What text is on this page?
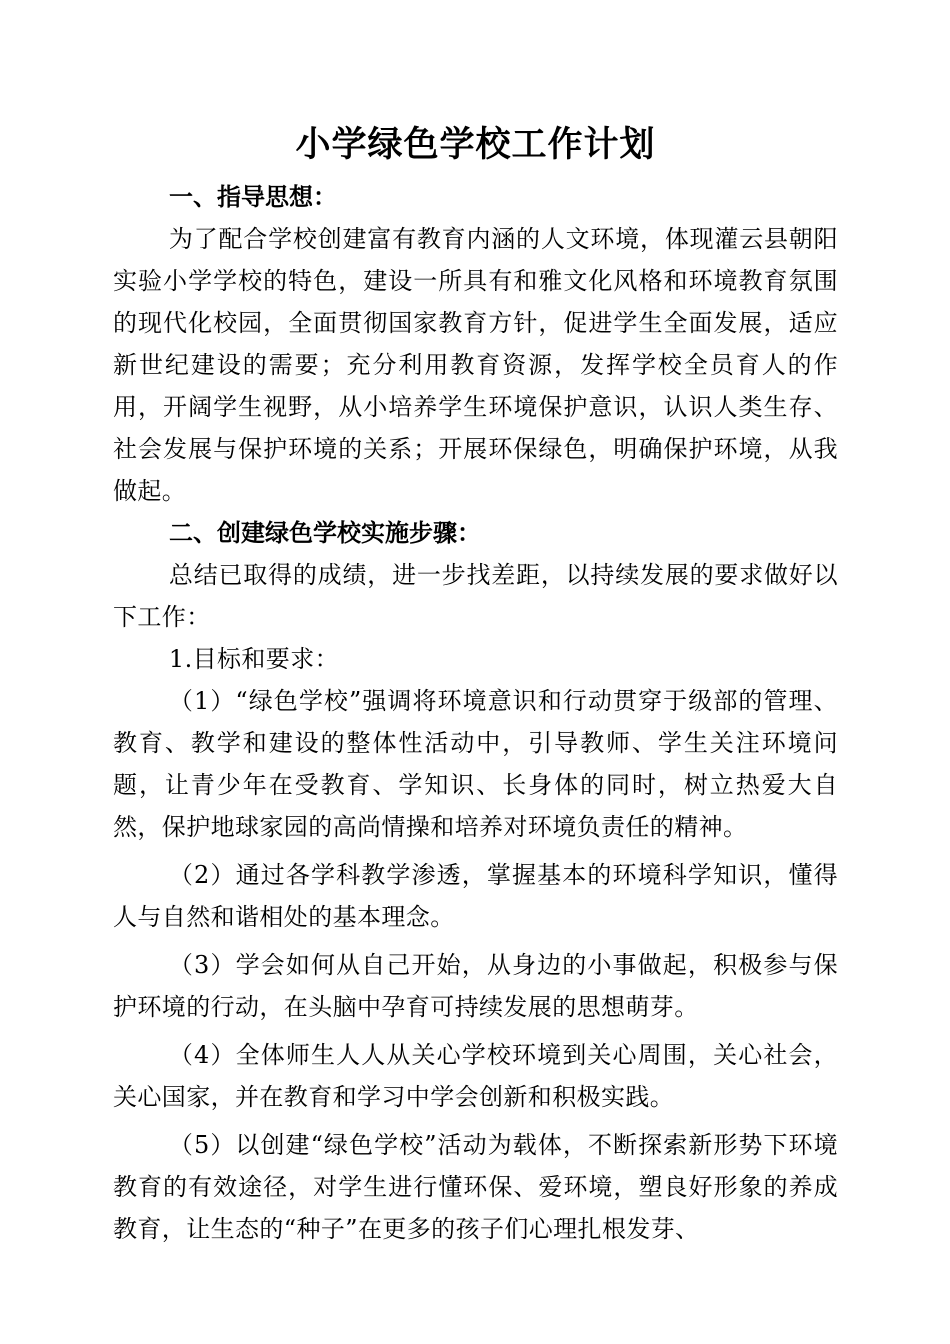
小学绿色学校工作计划
一、指导思想：

为了配合学校创建富有教育内涵的人文环境，体现灌云县朝阳实验小学学校的特色，建设一所具有和雅文化风格和环境教育氛围的现代化校园，全面贯彻国家教育方针，促进学生全面发展，适应新世纪建设的需要；充分利用教育资源，发挥学校全员育人的作用，开阔学生视野，从小培养学生环境保护意识，认识人类生存、社会发展与保护环境的关系；开展环保绿色，明确保护环境，从我做起。

二、创建绿色学校实施步骤：

总结已取得的成绩，进一步找差距，以持续发展的要求做好以下工作：

1.目标和要求：

（1）“绿色学校”强调将环境意识和行动贯穿于级部的管理、教育、教学和建设的整体性活动中，引导教师、学生关注环境问题，让青少年在受教育、学知识、长身体的同时，树立热爱大自然，保护地球家园的高尚情操和培养对环境负责任的精神。

（2）通过各学科教学渗透，掌握基本的环境科学知识，懂得人与自然和谐相处的基本理念。

（3）学会如何从自己开始，从身边的小事做起，积极参与保护环境的行动，在头脑中孕育可持续发展的思想萌芽。

（4）全体师生人人从关心学校环境到关心周围，关心社会，关心国家，并在教育和学习中学会创新和积极实践。

（5）以创建“绿色学校”活动为载体，不断探索新形势下环境教育的有效途径，对学生进行懂环保、爱环境，塑良好形象的养成教育，让生态的“种子”在更多的孩子们心理扎根发芽、
